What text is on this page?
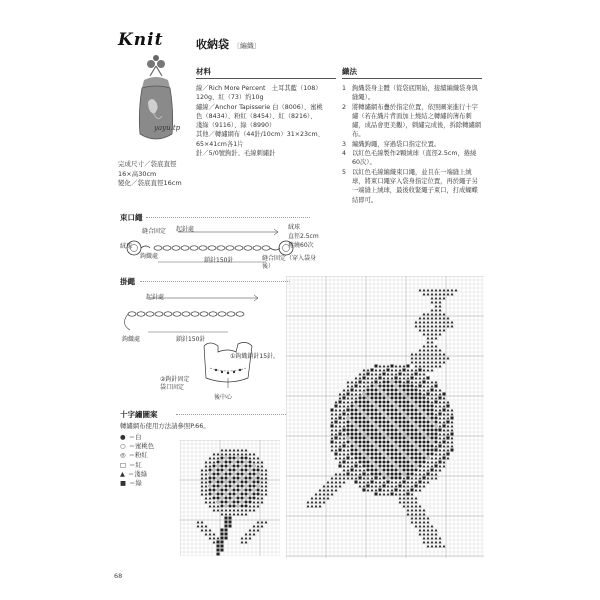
Knit
yayu.tp
完成尺寸／袋底直徑
16×高30cm
變化／袋底直徑16cm
收納袋 〔編織〕
材料
線／Rich More Percent　土耳其藍（108）
120g、紅（73）約10g
繡線／Anchor Tapisserie 白（8006）、蜜桃
色（8434）、粉紅（8454）、紅（8216）、
淺綠（9116）、綠（8990）
其他／轉繡網布（44針/10cm）31×23cm、
65×41cm各1片
針／5/0號鉤針、毛線刺繡針
織法
1 鉤織袋身主體（從袋底開始，接續編織袋身與縫繩）。
2 將轉繡網布疊於指定位置，依照圖案進行十字繡（若在織片背面加上燒結之轉繡的薄布刺繡，成品會更美觀），刺繡完成後，拆除轉繡網布。
3 編織鉤繩，穿過袋口指定位置。
4 以紅色毛線製作2顆絨球（直徑2.5cm，捲繞60次）。
5 以紅色毛線編織束口繩，並且在一端縫上絨球，將束口繩穿入袋身指定位置，再於繩子另一端縫上絨球，最後收緊繩子束口，打成蝴蝶結即可。
束口繩
縫合固定 起針處
絨球
鉤織處
鎖針150針	縫合固定（穿入袋身後）
絨球
直徑2.5cm
捲繞60次
掛繩
起針處
鉤織處	鎖針150針
①鉤織鎖針15針。
②鉤針固定
袋口固定
後中心
十字繡圖案
轉繡網布使用方法請參照P.66。
● ＝白
○ ＝蜜桃色
◎ ＝粉紅
□ ＝紅
▲ ＝淺綠
■ ＝綠
68
